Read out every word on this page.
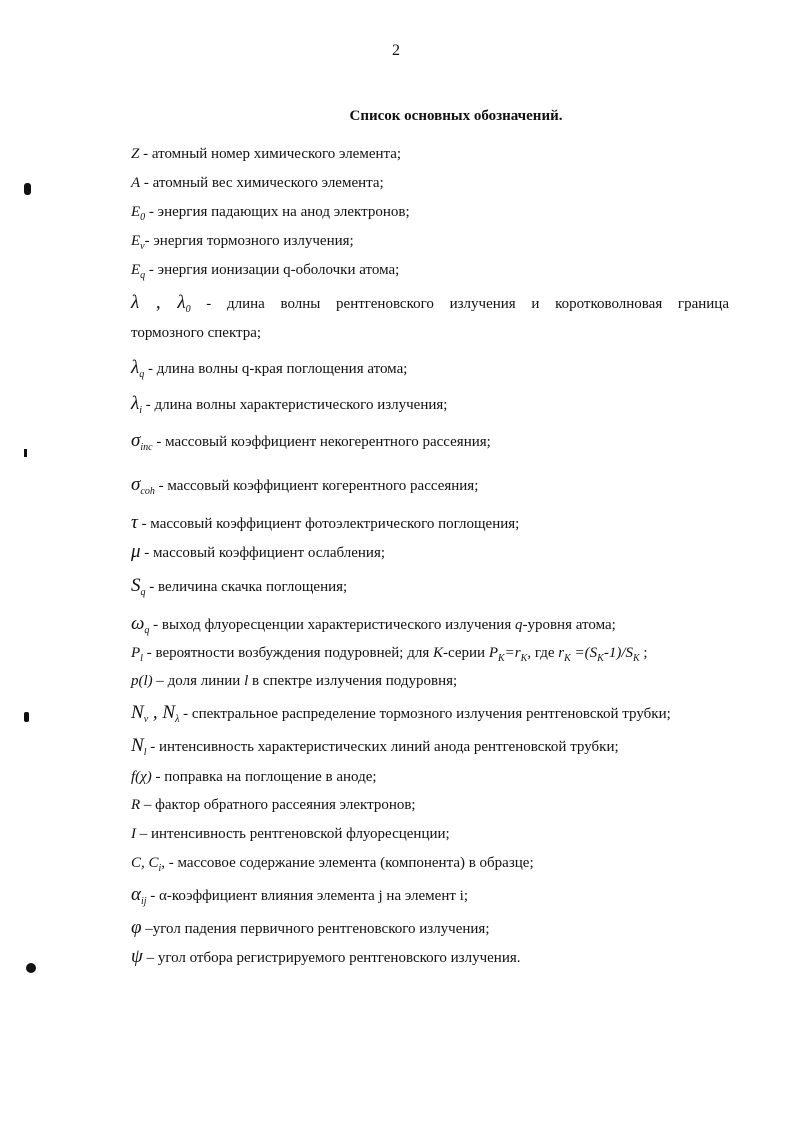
2
Список основных обозначений.
Z - атомный номер химического элемента;
A - атомный вес химического элемента;
$E_0$ - энергия падающих на анод электронов;
$E_\nu-$ энергия тормозного излучения;
$E_q$ - энергия ионизации q-оболочки атома;
λ , $\lambda_0$ - длина волны рентгеновского излучения и коротковолновая граница
тормозного спектра;
$\lambda_q$ - длина волны q-края поглощения атома;
$\lambda_i$ - длина волны характеристического излучения;
$\sigma_{inc}$ - массовый коэффициент некогерентного рассеяния;
$\sigma_{coh}$ - массовый коэффициент когерентного рассеяния;
τ - массовый коэффициент фотоэлектрического поглощения;
μ - массовый коэффициент ослабления;
$S_q$ - величина скачка поглощения;
$\omega_q$ - выход флуоресценции характеристического излучения q-уровня атома;
$P_l$ - вероятности возбуждения подуровней; для K-серии $P_K=r_K$, где $r_K =(S_K-1)/S_K$ ;
p(l) – доля линии l в спектре излучения подуровня;
$N_\nu$ , $N_\lambda$ - спектральное распределение тормозного излучения рентгеновской трубки;
$N_l$ - интенсивность характеристических линий анода рентгеновской трубки;
f(χ) - поправка на поглощение в аноде;
R – фактор обратного рассеяния электронов;
I – интенсивность рентгеновской флуоресценции;
C, $C_i$, - массовое содержание элемента (компонента) в образце;
$\alpha_{ij}$ - α-коэффициент влияния элемента j на элемент i;
φ –угол падения первичного рентгеновского излучения;
ψ – угол отбора регистрируемого рентгеновского излучения.
